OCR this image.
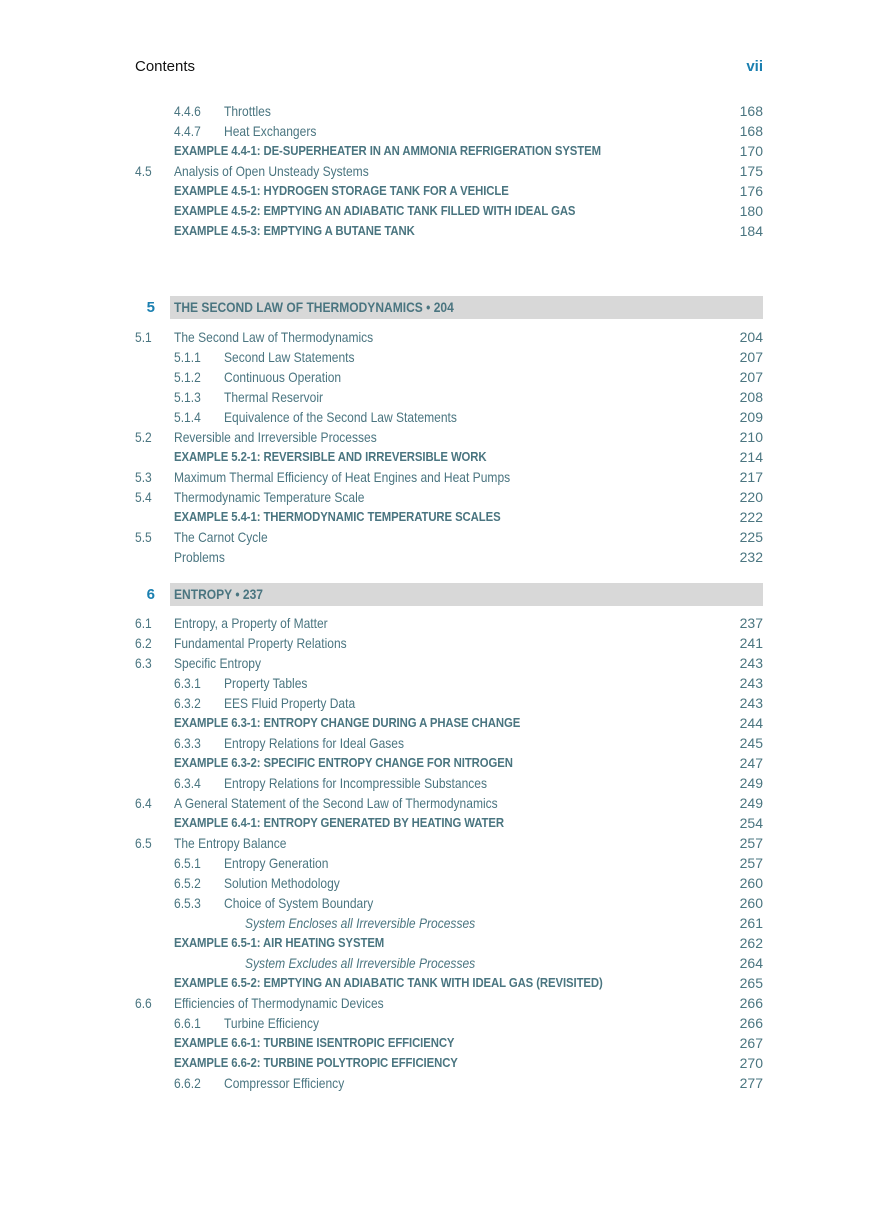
Contents	vii
4.4.6	Throttles	168
4.4.7	Heat Exchangers	168
EXAMPLE 4.4-1: DE-SUPERHEATER IN AN AMMONIA REFRIGERATION SYSTEM	170
4.5 Analysis of Open Unsteady Systems	175
EXAMPLE 4.5-1: HYDROGEN STORAGE TANK FOR A VEHICLE	176
EXAMPLE 4.5-2: EMPTYING AN ADIABATIC TANK FILLED WITH IDEAL GAS	180
EXAMPLE 4.5-3: EMPTYING A BUTANE TANK	184
5 THE SECOND LAW OF THERMODYNAMICS • 204
5.1 The Second Law of Thermodynamics	204
5.1.1	Second Law Statements	207
5.1.2	Continuous Operation	207
5.1.3	Thermal Reservoir	208
5.1.4	Equivalence of the Second Law Statements	209
5.2 Reversible and Irreversible Processes	210
EXAMPLE 5.2-1: REVERSIBLE AND IRREVERSIBLE WORK	214
5.3 Maximum Thermal Efficiency of Heat Engines and Heat Pumps	217
5.4 Thermodynamic Temperature Scale	220
EXAMPLE 5.4-1: THERMODYNAMIC TEMPERATURE SCALES	222
5.5 The Carnot Cycle	225
Problems	232
6 ENTROPY • 237
6.1 Entropy, a Property of Matter	237
6.2 Fundamental Property Relations	241
6.3 Specific Entropy	243
6.3.1	Property Tables	243
6.3.2	EES Fluid Property Data	243
EXAMPLE 6.3-1: ENTROPY CHANGE DURING A PHASE CHANGE	244
6.3.3	Entropy Relations for Ideal Gases	245
EXAMPLE 6.3-2: SPECIFIC ENTROPY CHANGE FOR NITROGEN	247
6.3.4	Entropy Relations for Incompressible Substances	249
6.4 A General Statement of the Second Law of Thermodynamics	249
EXAMPLE 6.4-1: ENTROPY GENERATED BY HEATING WATER	254
6.5 The Entropy Balance	257
6.5.1	Entropy Generation	257
6.5.2	Solution Methodology	260
6.5.3	Choice of System Boundary	260
System Encloses all Irreversible Processes	261
EXAMPLE 6.5-1: AIR HEATING SYSTEM	262
System Excludes all Irreversible Processes	264
EXAMPLE 6.5-2: EMPTYING AN ADIABATIC TANK WITH IDEAL GAS (REVISITED)	265
6.6 Efficiencies of Thermodynamic Devices	266
6.6.1	Turbine Efficiency	266
EXAMPLE 6.6-1: TURBINE ISENTROPIC EFFICIENCY	267
EXAMPLE 6.6-2: TURBINE POLYTROPIC EFFICIENCY	270
6.6.2	Compressor Efficiency	277
